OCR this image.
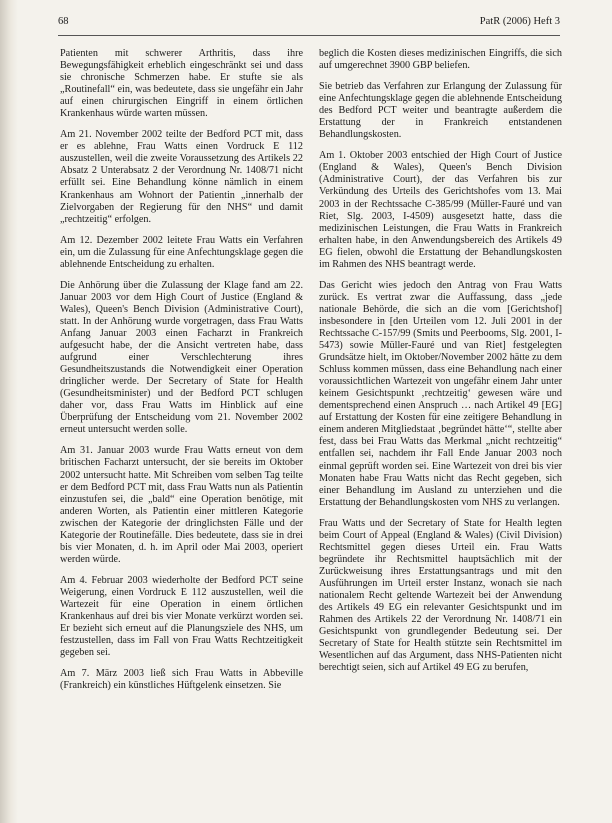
68	PatR (2006) Heft 3

Patienten mit schwerer Arthritis, dass ihre Bewegungsfähigkeit erheblich eingeschränkt sei und dass sie chronische Schmerzen habe. Er stufte sie als „Routinefall“ ein, was bedeutete, dass sie ungefähr ein Jahr auf einen chirurgischen Eingriff in einem örtlichen Krankenhaus würde warten müssen.

Am 21. November 2002 teilte der Bedford PCT mit, dass er es ablehne, Frau Watts einen Vordruck E 112 auszustellen, weil die zweite Voraussetzung des Artikels 22 Absatz 2 Unterabsatz 2 der Verordnung Nr. 1408/71 nicht erfüllt sei. Eine Behandlung könne nämlich in einem Krankenhaus am Wohnort der Patientin „innerhalb der Zielvorgaben der Regierung für den NHS“ und damit „rechtzeitig“ erfolgen.

Am 12. Dezember 2002 leitete Frau Watts ein Verfahren ein, um die Zulassung für eine Anfechtungsklage gegen die ablehnende Entscheidung zu erhalten.

Die Anhörung über die Zulassung der Klage fand am 22. Januar 2003 vor dem High Court of Justice (England & Wales), Queen's Bench Division (Administrative Court), statt. In der Anhörung wurde vorgetragen, dass Frau Watts Anfang Januar 2003 einen Facharzt in Frankreich aufgesucht habe, der die Ansicht vertreten habe, dass aufgrund einer Verschlechterung ihres Gesundheitszustands die Notwendigkeit einer Operation dringlicher werde. Der Secretary of State for Health (Gesundheitsminister) und der Bedford PCT schlugen daher vor, dass Frau Watts im Hinblick auf eine Überprüfung der Entscheidung vom 21. November 2002 erneut untersucht werden solle.

Am 31. Januar 2003 wurde Frau Watts erneut von dem britischen Facharzt untersucht, der sie bereits im Oktober 2002 untersucht hatte. Mit Schreiben vom selben Tag teilte er dem Bedford PCT mit, dass Frau Watts nun als Patientin einzustufen sei, die „bald“ eine Operation benötige, mit anderen Worten, als Patientin einer mittleren Kategorie zwischen der Kategorie der dringlichsten Fälle und der Kategorie der Routinefälle. Dies bedeutete, dass sie in drei bis vier Monaten, d. h. im April oder Mai 2003, operiert werden würde.

Am 4. Februar 2003 wiederholte der Bedford PCT seine Weigerung, einen Vordruck E 112 auszustellen, weil die Wartezeit für eine Operation in einem örtlichen Krankenhaus auf drei bis vier Monate verkürzt worden sei. Er bezieht sich erneut auf die Planungsziele des NHS, um festzustellen, dass im Fall von Frau Watts Rechtzeitigkeit gegeben sei.

Am 7. März 2003 ließ sich Frau Watts in Abbeville (Frankreich) ein künstliches Hüftgelenk einsetzen. Sie

beglich die Kosten dieses medizinischen Eingriffs, die sich auf umgerechnet 3900 GBP beliefen.

Sie betrieb das Verfahren zur Erlangung der Zulassung für eine Anfechtungsklage gegen die ablehnende Entscheidung des Bedford PCT weiter und beantragte außerdem die Erstattung der in Frankreich entstandenen Behandlungskosten.

Am 1. Oktober 2003 entschied der High Court of Justice (England & Wales), Queen's Bench Division (Administrative Court), der das Verfahren bis zur Verkündung des Urteils des Gerichtshofes vom 13. Mai 2003 in der Rechtssache C-385/99 (Müller-Fauré und van Riet, Slg. 2003, I-4509) ausgesetzt hatte, dass die medizinischen Leistungen, die Frau Watts in Frankreich erhalten habe, in den Anwendungsbereich des Artikels 49 EG fielen, obwohl die Erstattung der Behandlungskosten im Rahmen des NHS beantragt werde.

Das Gericht wies jedoch den Antrag von Frau Watts zurück. Es vertrat zwar die Auffassung, dass „jede nationale Behörde, die sich an die vom [Gerichtshof] insbesondere in [den Urteilen vom 12. Juli 2001 in der Rechtssache C-157/99 (Smits und Peerbooms, Slg. 2001, I-5473) sowie Müller-Fauré und van Riet] festgelegten Grundsätze hielt, im Oktober/November 2002 hätte zu dem Schluss kommen müssen, dass eine Behandlung nach einer voraussichtlichen Wartezeit von ungefähr einem Jahr unter keinem Gesichtspunkt ‚rechtzeitig‘ gewesen wäre und dementsprechend einen Anspruch … nach Artikel 49 [EG] auf Erstattung der Kosten für eine zeitigere Behandlung in einem anderen Mitgliedstaat ‚begründet hätte‘“, stellte aber fest, dass bei Frau Watts das Merkmal „nicht rechtzeitig“ entfallen sei, nachdem ihr Fall Ende Januar 2003 noch einmal geprüft worden sei. Eine Wartezeit von drei bis vier Monaten habe Frau Watts nicht das Recht gegeben, sich einer Behandlung im Ausland zu unterziehen und die Erstattung der Behandlungskosten vom NHS zu verlangen.

Frau Watts und der Secretary of State for Health legten beim Court of Appeal (England & Wales) (Civil Division) Rechtsmittel gegen dieses Urteil ein. Frau Watts begründete ihr Rechtsmittel hauptsächlich mit der Zurückweisung ihres Erstattungsantrags und mit den Ausführungen im Urteil erster Instanz, wonach sie nach nationalem Recht geltende Wartezeit bei der Anwendung des Artikels 49 EG ein relevanter Gesichtspunkt und im Rahmen des Artikels 22 der Verordnung Nr. 1408/71 ein Gesichtspunkt von grundlegender Bedeutung sei. Der Secretary of State for Health stützte sein Rechtsmittel im Wesentlichen auf das Argument, dass NHS-Patienten nicht berechtigt seien, sich auf Artikel 49 EG zu berufen,
